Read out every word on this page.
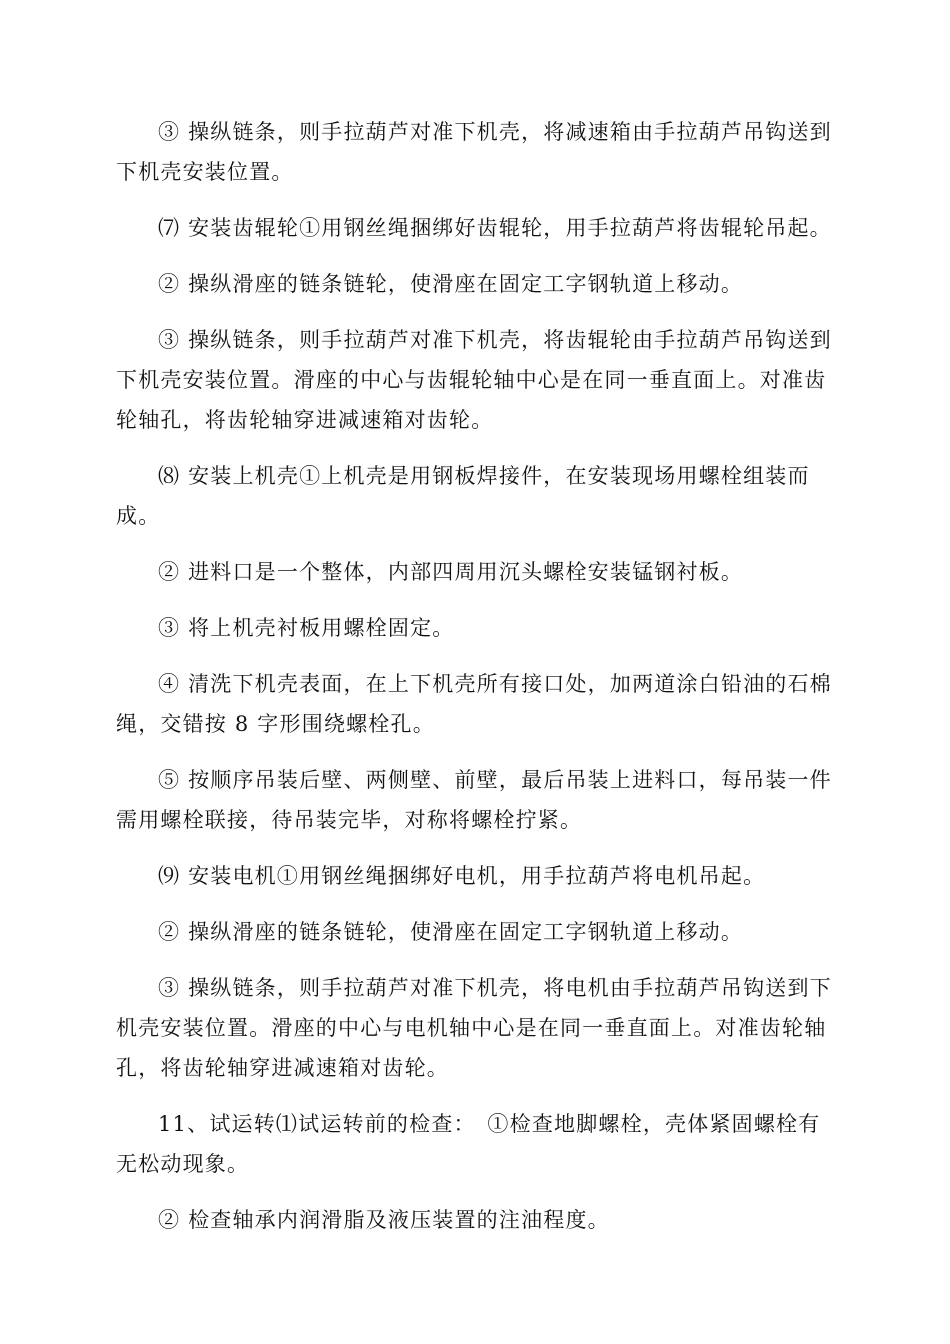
③ 操纵链条，则手拉葫芦对准下机壳，将减速箱由手拉葫芦吊钩送到下机壳安装位置。

⑺ 安装齿辊轮①用钢丝绳捆绑好齿辊轮，用手拉葫芦将齿辊轮吊起。

② 操纵滑座的链条链轮，使滑座在固定工字钢轨道上移动。

③ 操纵链条，则手拉葫芦对准下机壳，将齿辊轮由手拉葫芦吊钩送到下机壳安装位置。滑座的中心与齿辊轮轴中心是在同一垂直面上。对准齿轮轴孔，将齿轮轴穿进减速箱对齿轮。

⑻ 安装上机壳①上机壳是用钢板焊接件，在安装现场用螺栓组装而成。

② 进料口是一个整体，内部四周用沉头螺栓安装锰钢衬板。

③ 将上机壳衬板用螺栓固定。

④ 清洗下机壳表面，在上下机壳所有接口处，加两道涂白铅油的石棉绳，交错按 8 字形围绕螺栓孔。

⑤ 按顺序吊装后壁、两侧壁、前壁，最后吊装上进料口，每吊装一件需用螺栓联接，待吊装完毕，对称将螺栓拧紧。

⑼ 安装电机①用钢丝绳捆绑好电机，用手拉葫芦将电机吊起。

② 操纵滑座的链条链轮，使滑座在固定工字钢轨道上移动。

③ 操纵链条，则手拉葫芦对准下机壳，将电机由手拉葫芦吊钩送到下机壳安装位置。滑座的中心与电机轴中心是在同一垂直面上。对准齿轮轴孔，将齿轮轴穿进减速箱对齿轮。

11、试运转⑴试运转前的检查：　①检查地脚螺栓，壳体紧固螺栓有无松动现象。

② 检查轴承内润滑脂及液压装置的注油程度。
